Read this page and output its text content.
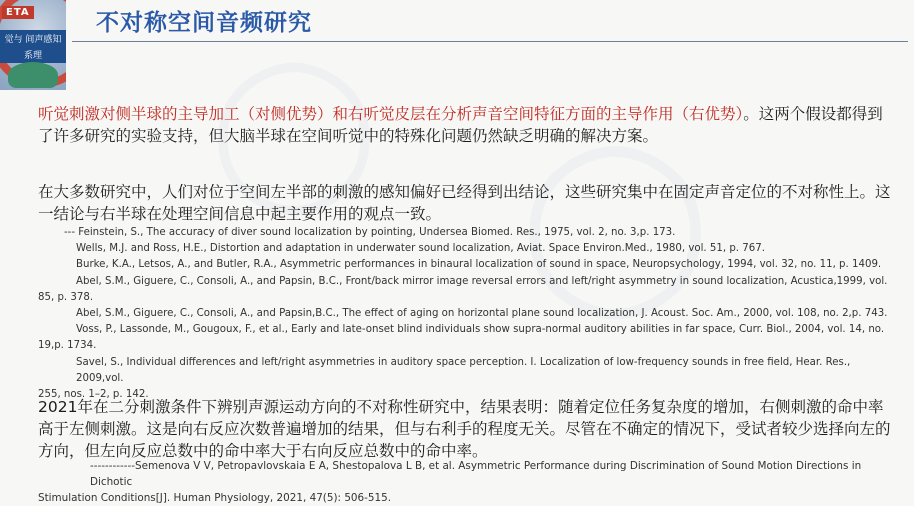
◯ ◯
ETA
觉与 间声感知
系理
不对称空间音频研究
听觉刺激对侧半球的主导加工（对侧优势）和右听觉皮层在分析声音空间特征方面的主导作用（右优势）。这两个假设都得到了许多研究的实验支持，但大脑半球在空间听觉中的特殊化问题仍然缺乏明确的解决方案。
在大多数研究中，人们对位于空间左半部的刺激的感知偏好已经得到出结论，这些研究集中在固定声音定位的不对称性上。这一结论与右半球在处理空间信息中起主要作用的观点一致。
--- Feinstein, S., The accuracy of diver sound localization by pointing, Undersea Biomed. Res., 1975, vol. 2, no. 3,p. 173.
Wells, M.J. and Ross, H.E., Distortion and adaptation in underwater sound localization, Aviat. Space Environ.Med., 1980, vol. 51, p. 767.
Burke, K.A., Letsos, A., and Butler, R.A., Asymmetric performances in binaural localization of sound in space, Neuropsychology, 1994, vol. 32, no. 11, p. 1409.
Abel, S.M., Giguere, C., Consoli, A., and Papsin, B.C., Front/back mirror image reversal errors and left/right asymmetry in sound localization, Acustica,1999, vol.
85, p. 378.
Abel, S.M., Giguere, C., Consoli, A., and Papsin,B.C., The effect of aging on horizontal plane sound localization, J. Acoust. Soc. Am., 2000, vol. 108, no. 2,p. 743.
Voss, P., Lassonde, M., Gougoux, F., et al., Early and late-onset blind individuals show supra-normal auditory abilities in far space, Curr. Biol., 2004, vol. 14, no.
19,p. 1734.
Savel, S., Individual differences and left/right asymmetries in auditory space perception. I. Localization of low-frequency sounds in free field, Hear. Res., 2009,vol.
255, nos. 1–2, p. 142.
2021年在二分刺激条件下辨别声源运动方向的不对称性研究中，结果表明：随着定位任务复杂度的增加，右侧刺激的命中率高于左侧刺激。这是向右反应次数普遍增加的结果，但与右利手的程度无关。尽管在不确定的情况下，受试者较少选择向左的方向，但左向反应总数中的命中率大于右向反应总数中的命中率。
------------Semenova V V, Petropavlovskaia E A, Shestopalova L B, et al. Asymmetric Performance during Discrimination of Sound Motion Directions in Dichotic
Stimulation Conditions[J]. Human Physiology, 2021, 47(5): 506-515.
